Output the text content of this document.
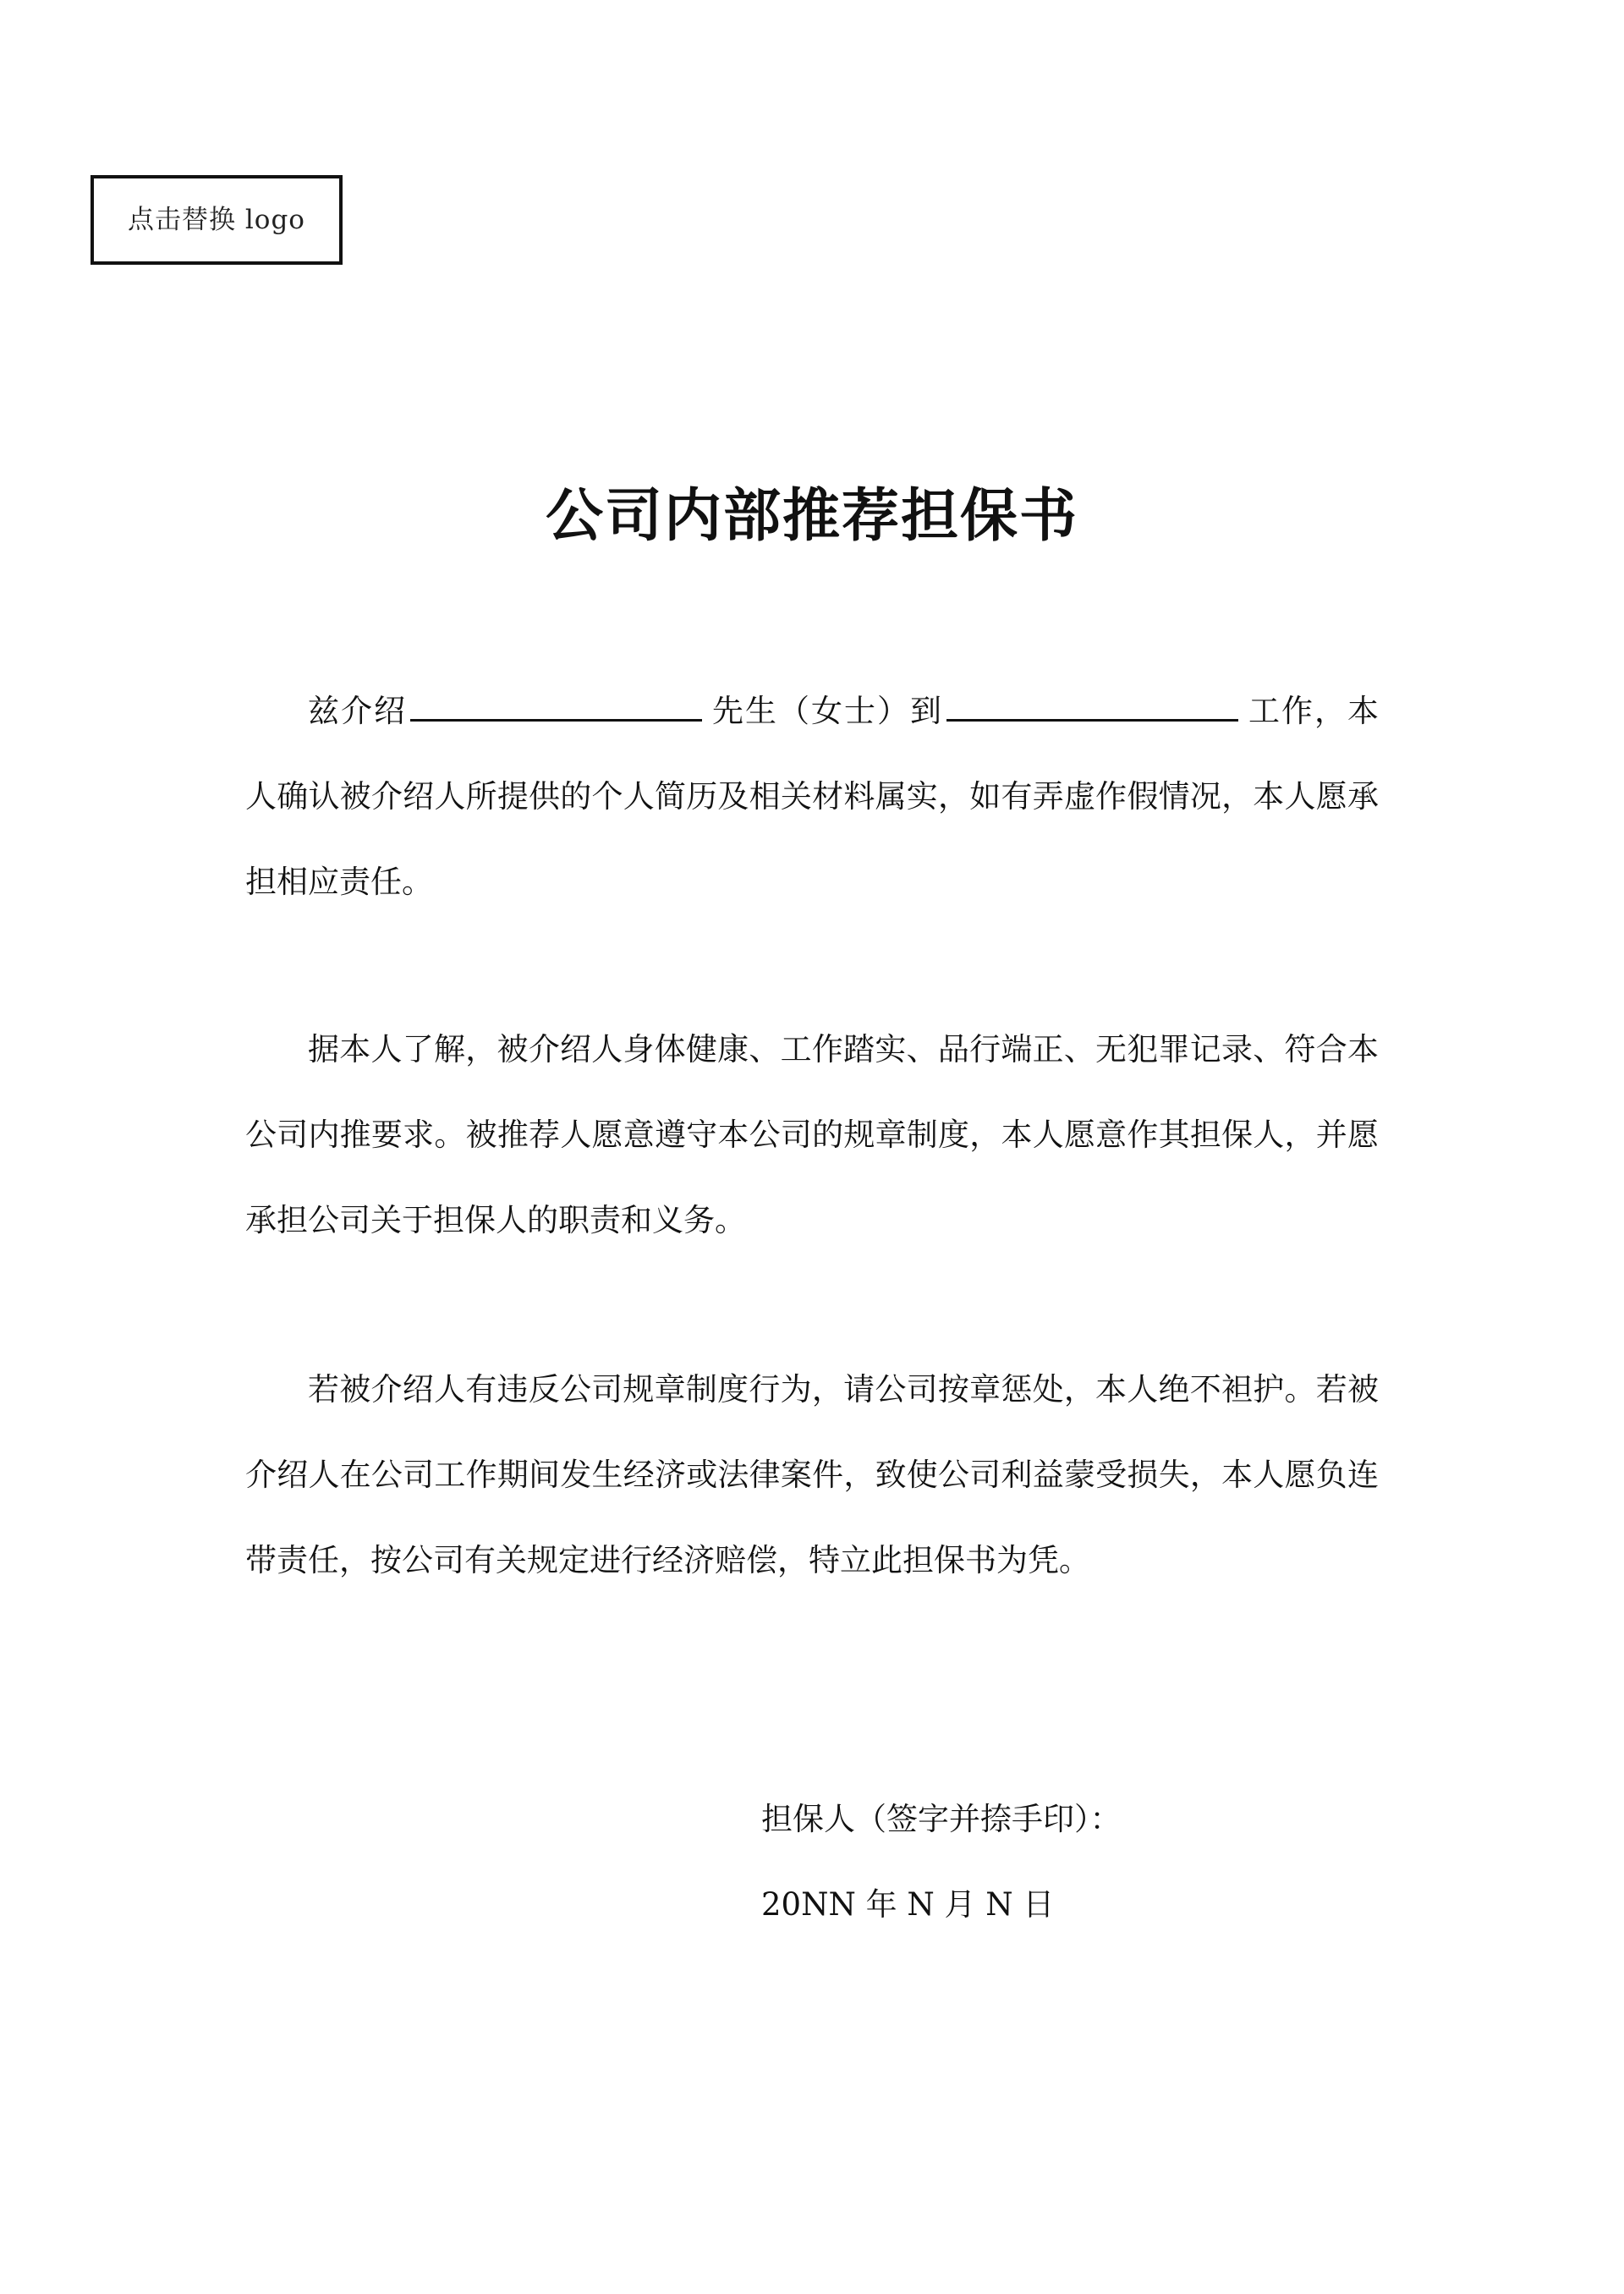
点击替换 logo
公司内部推荐担保书

兹介绍	先生（女士）到	工作，本人确认被介绍人所提供的个人简历及相关材料属实，如有弄虚作假情况，本人愿承担相应责任。

据本人了解，被介绍人身体健康、工作踏实、品行端正、无犯罪记录、符合本公司内推要求。被推荐人愿意遵守本公司的规章制度，本人愿意作其担保人，并愿承担公司关于担保人的职责和义务。

若被介绍人有违反公司规章制度行为，请公司按章惩处，本人绝不袒护。若被介绍人在公司工作期间发生经济或法律案件，致使公司利益蒙受损失，本人愿负连带责任，按公司有关规定进行经济赔偿，特立此担保书为凭。

担保人（签字并捺手印）：
20NN 年 N 月 N 日
